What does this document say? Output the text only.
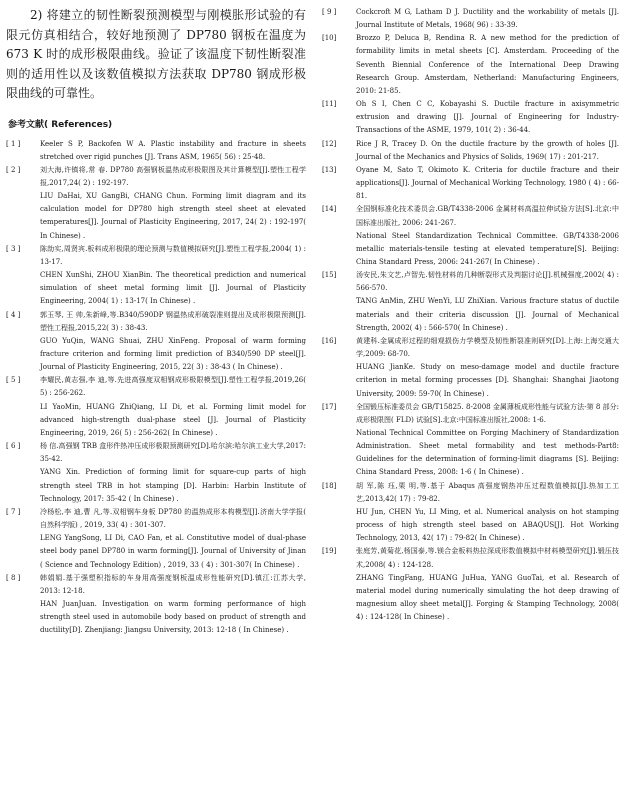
2) 将建立的韧性断裂预测模型与刚模胀形试验的有限元仿真相结合，较好地预测了 DP780 钢板在温度为 673 K 时的成形极限曲线。验证了该温度下韧性断裂准则的适用性以及该数值模拟方法获取 DP780 钢成形极限曲线的可靠性。

参考文献( References)
[ 1 ]	Keeler S P, Backofen W A. Plastic instability and fracture in sheets stretched over rigid punches [J]. Trans ASM, 1965( 56) : 25-48.
[ 2 ]	刘大海,许镇将,常 春. DP780 高强钢板温热成形极限图及其计算模型[J].塑性工程学报,2017,24( 2) : 192-197.
LIU DaHai, XU GangBi, CHANG Chun. Forming limit diagram and its calculation model for DP780 high strength steel sheet at elevated temperatures[J]. Journal of Plasticity Engineering, 2017, 24( 2) : 192-197( In Chinese) .
[ 3 ]	陈劼实,周贤宾.板料成形极限的理论预测与数值模拟研究[J].塑性工程学报,2004( 1) : 13-17.
CHEN XunShi, ZHOU XianBin. The theoretical prediction and numerical simulation of sheet metal forming limit [J]. Journal of Plasticity Engineering, 2004( 1) : 13-17( In Chinese) .
[ 4 ]	郭玉琴, 王 帅,朱新峰,等.B340/590DP 钢温热成形破裂准则提出及成形极限预测[J].塑性工程报,2015,22( 3) : 38-43.
GUO YuQin, WANG Shuai, ZHU XinFeng. Proposal of warm forming fracture criterion and forming limit prediction of B340/590 DP steel[J]. Journal of Plasticity Engineering, 2015, 22( 3) : 38-43 ( In Chinese) .
[ 5 ]	李耀民,黄志强,李 迪,等.先进高强度双相钢成形极限模型[J].塑性工程学报,2019,26( 5) : 256-262.
LI YaoMin, HUANG ZhiQiang, LI Di, et al. Forming limit model for advanced high-strength dual-phase steel [J]. Journal of Plasticity Engineering, 2019, 26( 5) : 256-262( In Chinese) .
[ 6 ]	杨 信.高强钢 TRB 盒形件热冲压成形极限预测研究[D].哈尔滨:哈尔滨工业大学,2017: 35-42.
YANG Xin. Prediction of forming limit for square-cup parts of high strength steel TRB in hot stamping [D]. Harbin: Harbin Institute of Technology, 2017: 35-42 ( In Chinese) .
[ 7 ]	冷杨松,李 迪,曹 凡,等.双相钢车身板 DP780 的温热成形本构模型[J].济南大学学报( 自然科学版) , 2019, 33( 4) : 301-307.
LENG YangSong, LI Di, CAO Fan, et al. Constitutive model of dual-phase steel body panel DP780 in warm forming[J]. Journal of University of Jinan ( Science and Technology Edition) , 2019, 33 ( 4) : 301-307( In Chinese) .
[ 8 ]	韩娟娟.基于强塑积指标的车身用高强度钢板温成形性能研究[D].镇江:江苏大学, 2013: 12-18.
HAN JuanJuan. Investigation on warm forming performance of high strength steel used in automobile body based on product of strength and ductility[D]. Zhenjiang: Jiangsu University, 2013: 12-18 ( In Chinese) .
[ 9 ]	Cockcroft M G, Latham D J. Ductility and the workability of metals [J]. Journal Institute of Metals, 1968( 96) : 33-39.
[10]	Brozzo P, Deluca B, Rendina R. A new method for the prediction of formability limits in metal sheets [C]. Amsterdam. Proceeding of the Seventh Biennial Conference of the International Deep Drawing Research Group. Amsterdam, Netherland: Manufacturing Engineers, 2010: 21-85.
[11]	Oh S I, Chen C C, Kobayashi S. Ductile fracture in axisymmetric extrusion and drawing [J]. Journal of Engineering for Industry-Transactions of the ASME, 1979, 101( 2) : 36-44.
[12]	Rice J R, Tracey D. On the ductile fracture by the growth of holes [J]. Journal of the Mechanics and Physics of Solids, 1969( 17) : 201-217.
[13]	Oyane M, Sato T, Okimoto K. Criteria for ductile fracture and their applications[J]. Journal of Mechanical Working Technology, 1980 ( 4) : 66-81.
[14]	全国钢标准化技术委员会.GB/T4338-2006 金属材料高温拉伸试验方法[S].北京:中国标准出版社, 2006: 241-267.
National Steel Standardization Technical Committee. GB/T4338-2006 metallic materials-tensile testing at elevated temperature[S]. Beijing: China Standard Press, 2006: 241-267( In Chinese) .
[15]	汤安民,朱文艺,卢智先.韧性材料的几种断裂形式及判据讨论[J].机械强度,2002( 4) : 566-570.
TANG AnMin, ZHU WenYi, LU ZhiXian. Various fracture status of ductile materials and their criteria discussion [J]. Journal of Mechanical Strength, 2002( 4) : 566-570( In Chinese) .
[16]	黄建科.金属成形过程的细观损伤力学模型及韧性断裂准则研究[D].上海:上海交通大学,2009: 68-70.
HUANG JianKe. Study on meso-damage model and ductile fracture criterion in metal forming processes [D]. Shanghai: Shanghai Jiaotong University, 2009: 59-70( In Chinese) .
[17]	全国锻压标准委员会 GB/T15825. 8-2008 金属薄板成形性能与试验方法-第 8 部分: 成形极限图( FLD) 试验[S].北京:中国标准出版社,2008: 1-6.
National Technical Committee on Forging Machinery of Standardization Administration. Sheet metal formability and test methods-Part8: Guidelines for the determination of forming-limit diagrams [S]. Beijing: China Standard Press, 2008: 1-6 ( In Chinese) .
[18]	胡 军,陈 珏,栗 明,等.基于 Abaqus 高强度钢热冲压过程数值模拟[J].热加工工艺,2013,42( 17) : 79-82.
HU Jun, CHEN Yu, LI Ming, et al. Numerical analysis on hot stamping process of high strength steel based on ABAQUS[J]. Hot Working Technology, 2013, 42( 17) : 79-82( In Chinese) .
[19]	张庭芳,黄菊花,杨国泰,等.镁合金板料热拉深成形数值模拟中材料模型研究[J].锻压技术,2008( 4) : 124-128.
ZHANG TingFang, HUANG JuHua, YANG GuoTai, et al. Research of material model during numerically simulating the hot deep drawing of magnesium alloy sheet metal[J]. Forging & Stamping Technology, 2008( 4) : 124-128( In Chinese) .
